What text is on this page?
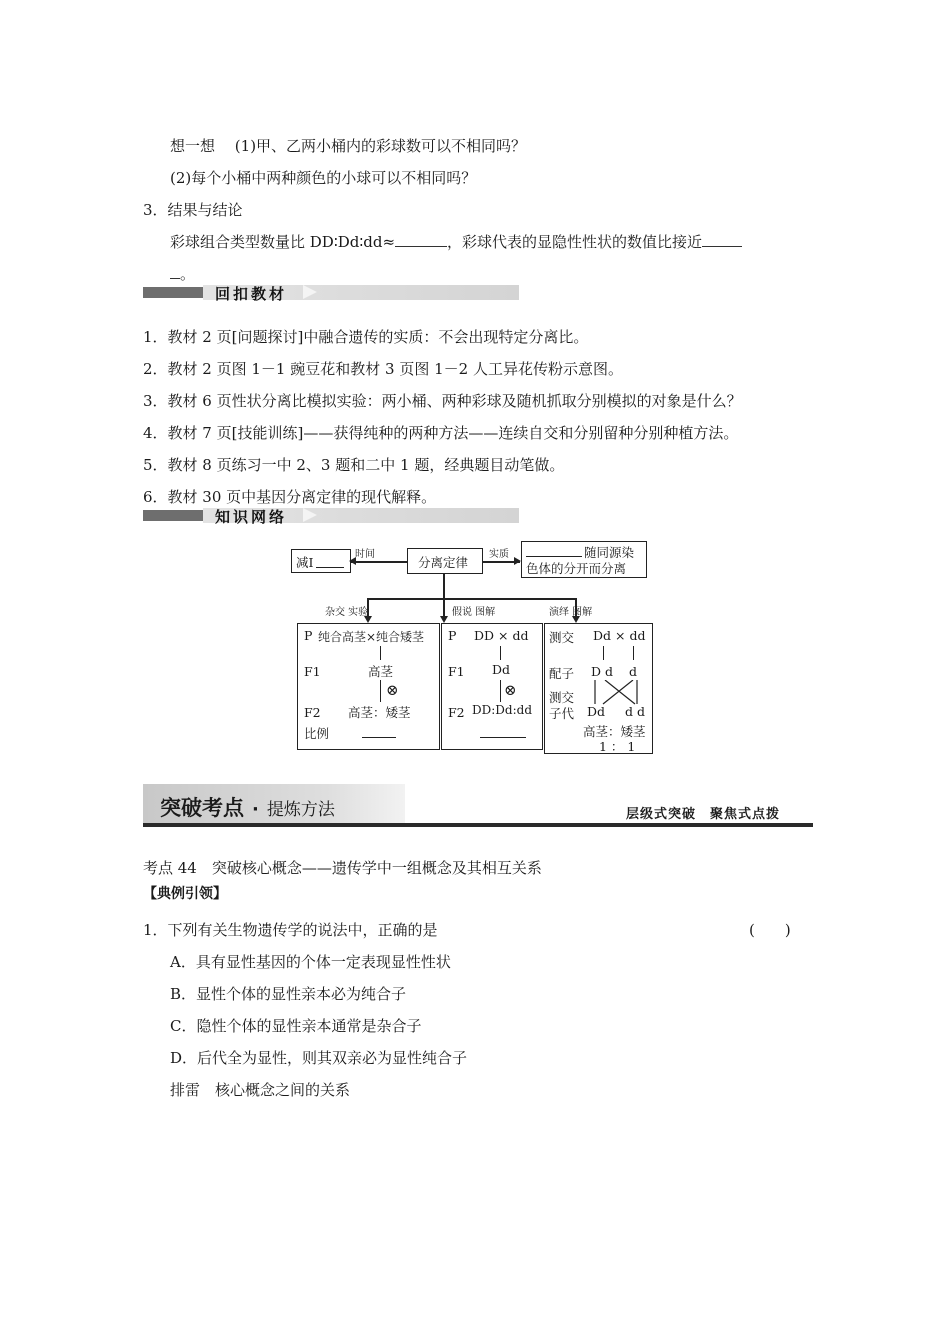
想一想　 (1)甲、乙两小桶内的彩球数可以不相同吗？
(2)每个小桶中两种颜色的小球可以不相同吗？
3．结果与结论
彩球组合类型数量比 DD∶Dd∶dd≈	，彩球代表的显隐性性状的数值比接近
。
回扣教材
1．教材 2 页[问题探讨]中融合遗传的实质：不会出现特定分离比。
2．教材 2 页图 1－1 豌豆花和教材 3 页图 1－2 人工异花传粉示意图。
3．教材 6 页性状分离比模拟实验：两小桶、两种彩球及随机抓取分别模拟的对象是什么？
4．教材 7 页[技能训练]——获得纯种的两种方法——连续自交和分别留种分别种植方法。
5．教材 8 页练习一中 2、3 题和二中 1 题，经典题目动笔做。
6．教材 30 页中基因分离定律的现代解释。
知识网络
减Ⅰ
时间
分离定律
实质	随同源染
色体的分开而分离
杂交 实验	假说 图解	演绎 图解
P 纯合高茎×纯合矮茎
F1	高茎
⊗
F2 高茎：矮茎
比例
P DD × dd
F1 Dd
⊗
F2 DD:Dd:dd
测交 Dd × dd
配子 D d d
测交
子代 Dd d d
高茎：矮茎
1 ： 1
突破考点 · 提炼方法	层级式突破　聚焦式点拨
考点 44　突破核心概念——遗传学中一组概念及其相互关系
【典例引领】
1．下列有关生物遗传学的说法中，正确的是	(　　)
A．具有显性基因的个体一定表现显性性状
B．显性个体的显性亲本必为纯合子
C．隐性个体的显性亲本通常是杂合子
D．后代全为显性，则其双亲必为显性纯合子
排雷　核心概念之间的关系
